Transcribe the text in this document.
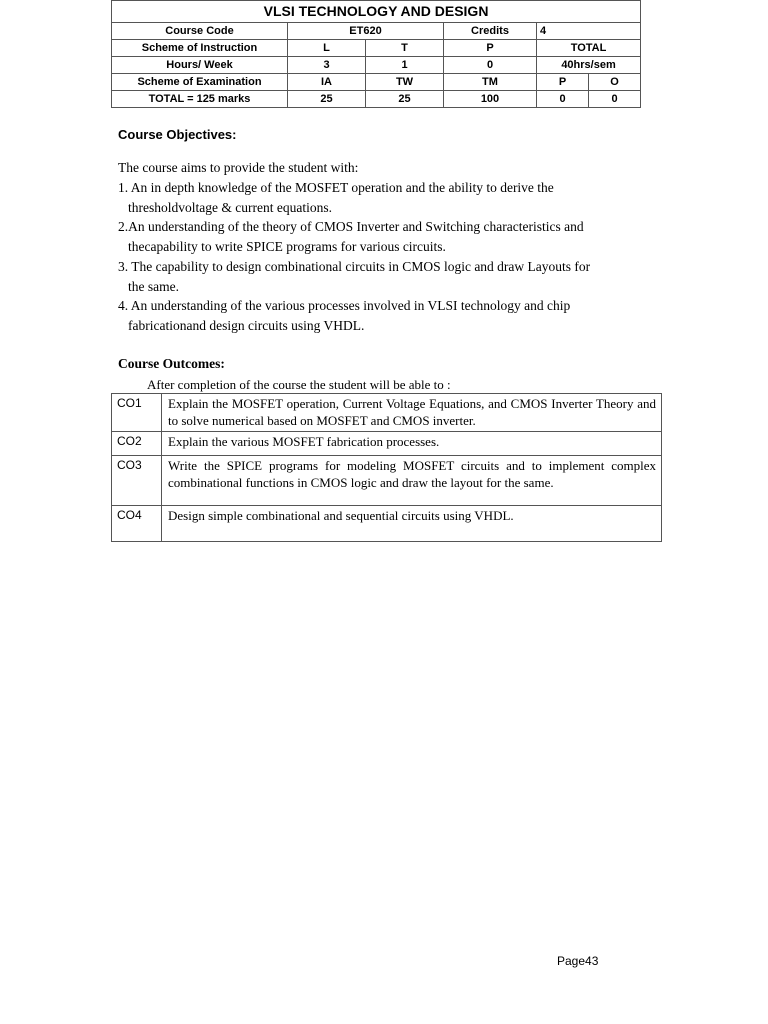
VLSI TECHNOLOGY AND DESIGN					
Course Code	ET620		Credits	4	
Scheme of Instruction	L	T	P	TOTAL	
Hours/ Week	3	1	0	40hrs/sem	
Scheme of Examination	IA	TW	TM	P	O
TOTAL = 125 marks	25	25	100	0	0
Course Objectives:
The course aims to provide the student with:
1. An in depth knowledge of the MOSFET operation and the ability to derive the
thresholdvoltage & current equations.
2.An understanding of the theory of CMOS Inverter and Switching characteristics and
thecapability to write SPICE programs for various circuits.
3. The capability to design combinational circuits in CMOS logic and draw Layouts for
the same.
4. An understanding of the various processes involved in VLSI technology and chip
fabricationand design circuits using VHDL.
Course Outcomes:
After completion of the course the student will be able to :
CO1	Explain the MOSFET operation, Current Voltage Equations, and CMOS Inverter Theory and to solve numerical based on MOSFET and CMOS inverter.
CO2	Explain the various MOSFET fabrication processes.
CO3	Write the SPICE programs for modeling MOSFET circuits and to implement complex combinational functions in CMOS logic and draw the layout for the same.
CO4	Design simple combinational and sequential circuits using VHDL.
Page43
